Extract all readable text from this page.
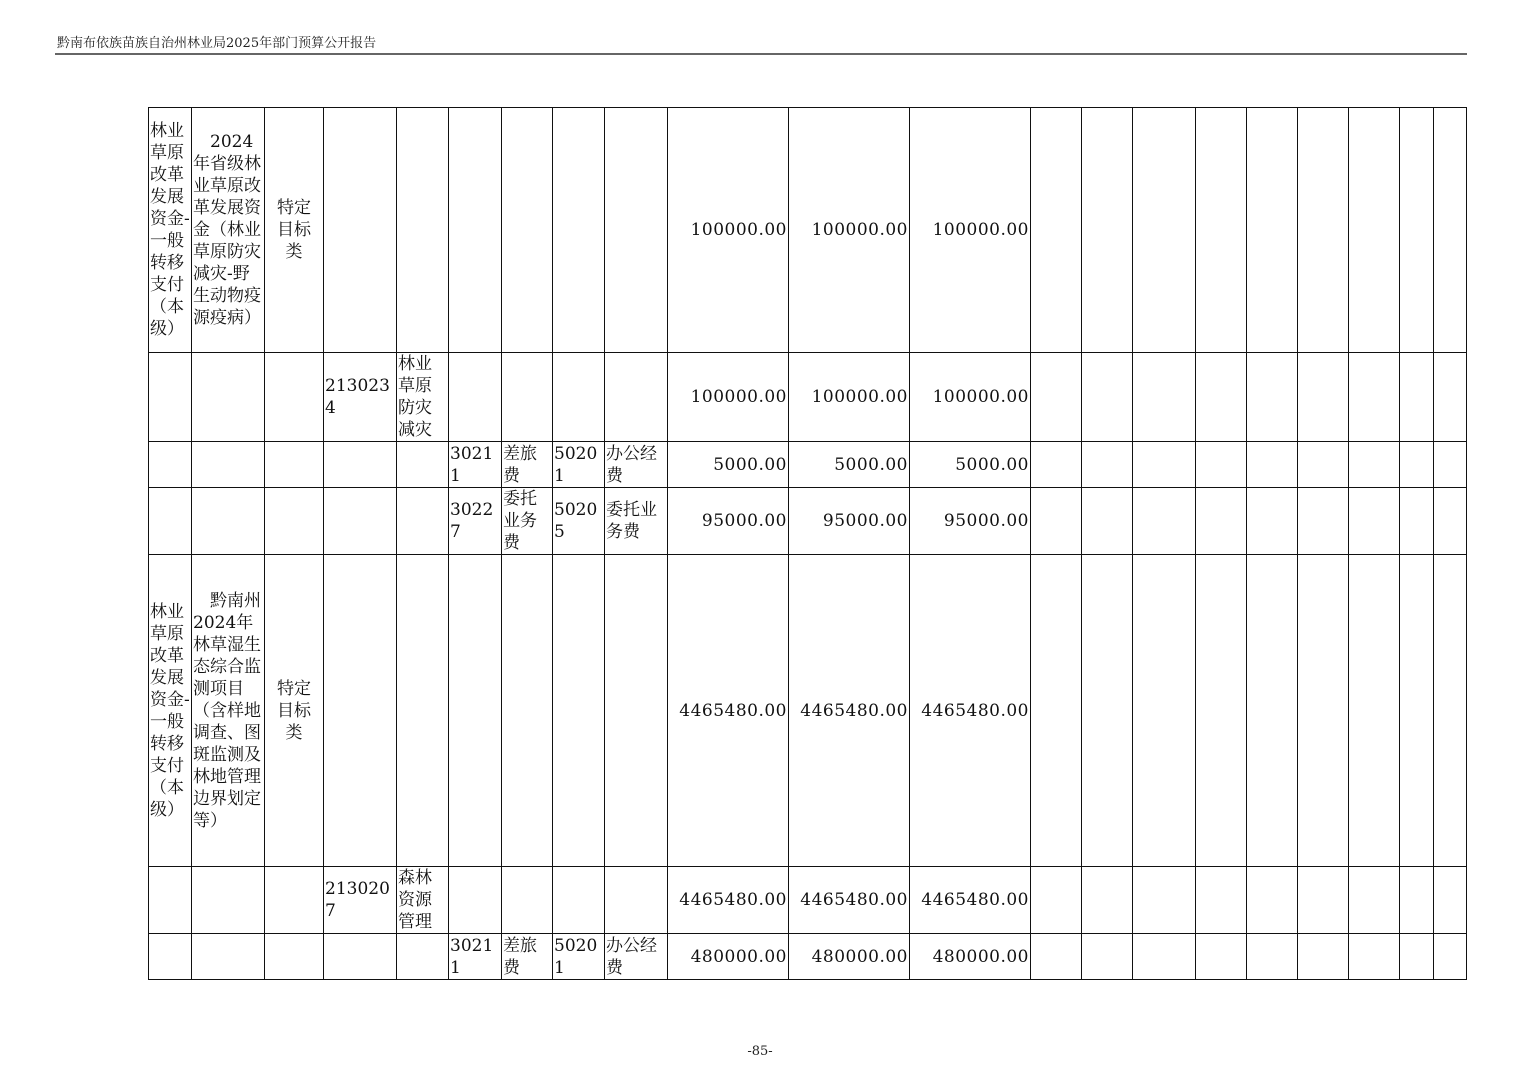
黔南布依族苗族自治州林业局2025年部门预算公开报告
林业草原改革发展资金-一般转移支付（本级）	2024年省级林业草原改革发展资金（林业草原防灾减灾-野生动物疫源疫病）	特定目标类							100000.00	100000.00	100000.00									
			2130234	林业草原防灾减灾					100000.00	100000.00	100000.00									
					30211	差旅费	50201	办公经费	5000.00	5000.00	5000.00									
					30227	委托业务费	50205	委托业务费	95000.00	95000.00	95000.00									
林业草原改革发展资金-一般转移支付（本级）	黔南州2024年林草湿生态综合监测项目（含样地调查、图斑监测及林地管理边界划定等）	特定目标类							4465480.00	4465480.00	4465480.00									
			2130207	森林资源管理					4465480.00	4465480.00	4465480.00									
					30211	差旅费	50201	办公经费	480000.00	480000.00	480000.00									
-85-
